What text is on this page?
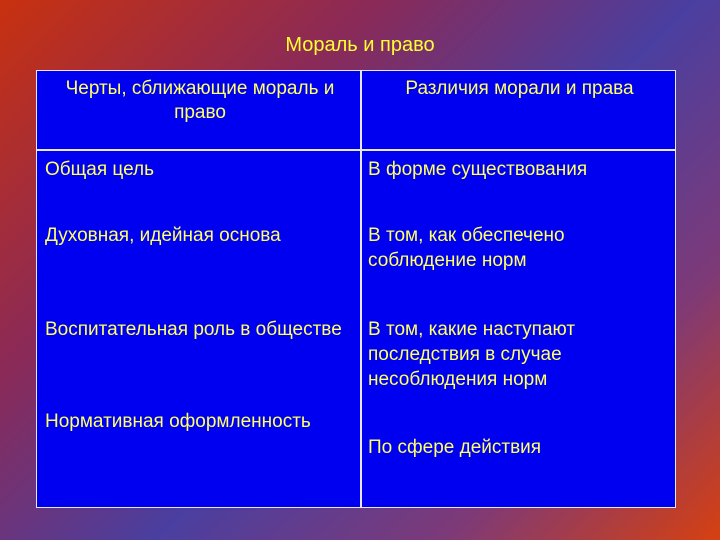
Мораль и право
Черты, сближающие мораль и право
Различия морали и права
Общая цель
Духовная, идейная основа
Воспитательная роль в обществе
Нормативная оформленность
В форме существования
В том, как обеспечено соблюдение норм
В том, какие наступают последствия в случае несоблюдения норм
По сфере действия
